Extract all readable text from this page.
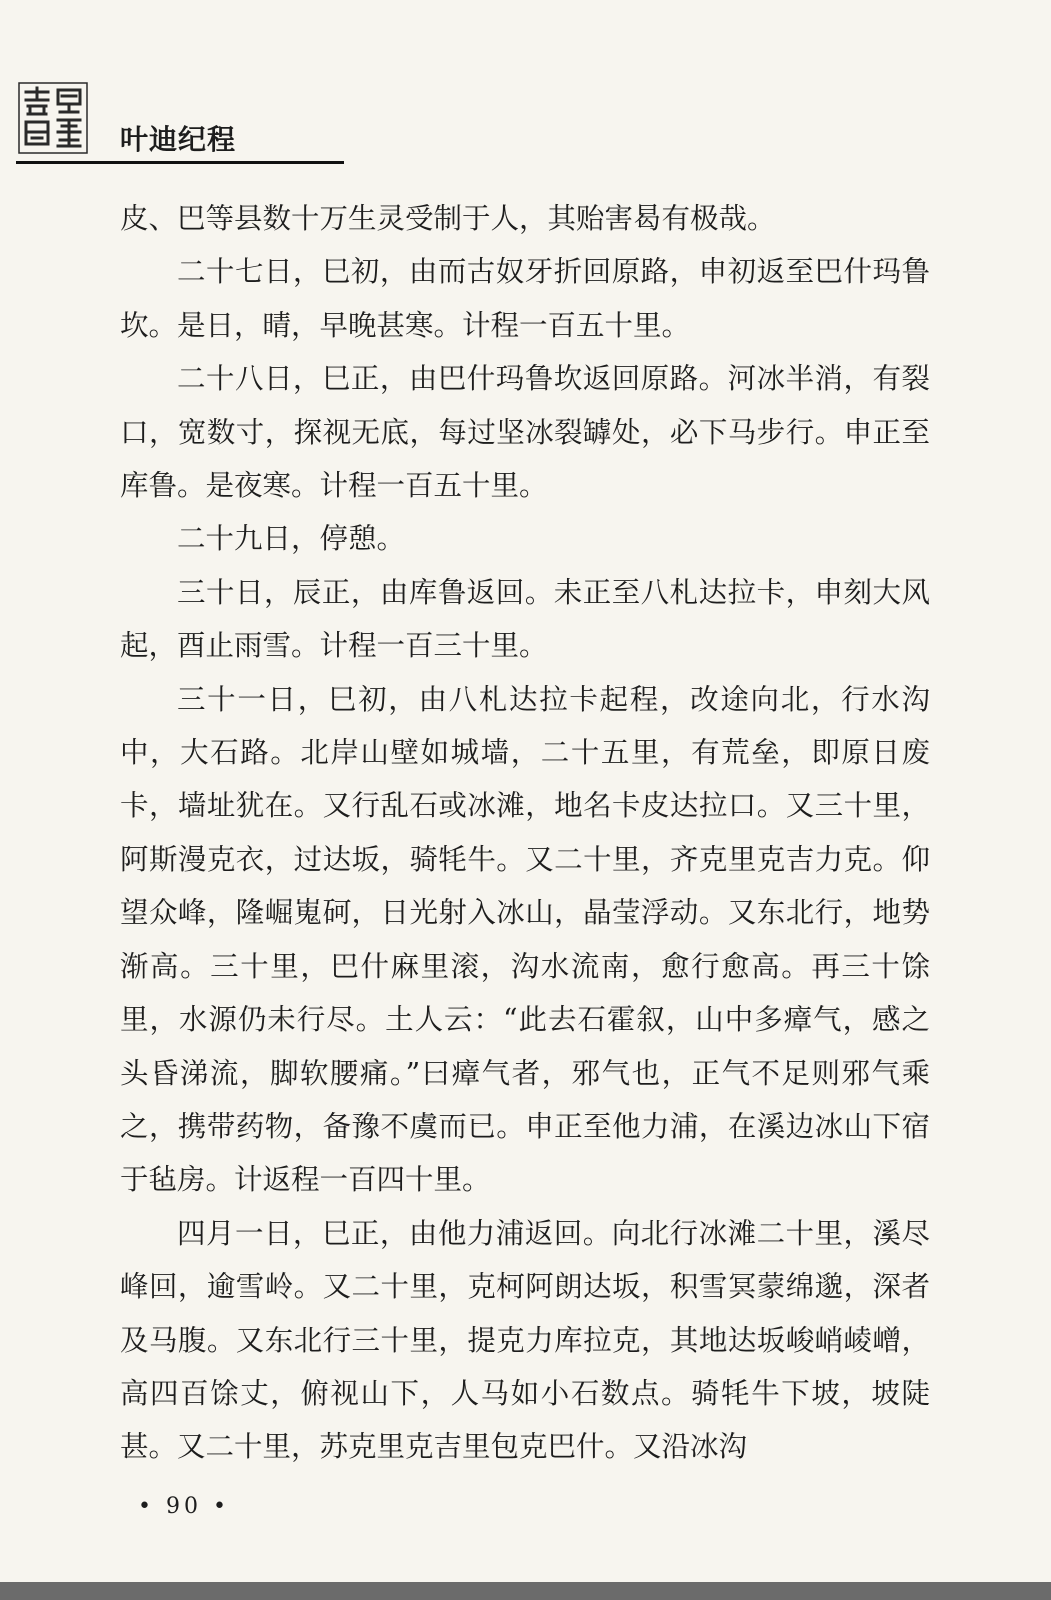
叶迪纪程

皮、巴等县数十万生灵受制于人，其贻害曷有极哉。

二十七日，巳初，由而古奴牙折回原路，申初返至巴什玛鲁坎。是日，晴，早晚甚寒。计程一百五十里。

二十八日，巳正，由巴什玛鲁坎返回原路。河冰半消，有裂口，宽数寸，探视无底，每过坚冰裂罅处，必下马步行。申正至库鲁。是夜寒。计程一百五十里。

二十九日，停憩。

三十日，辰正，由库鲁返回。未正至八札达拉卡，申刻大风起，酉止雨雪。计程一百三十里。

三十一日，巳初，由八札达拉卡起程，改途向北，行水沟中，大石路。北岸山壁如城墙，二十五里，有荒垒，即原日废卡，墙址犹在。又行乱石或冰滩，地名卡皮达拉口。又三十里，阿斯漫克衣，过达坂，骑牦牛。又二十里，齐克里克吉力克。仰望众峰，隆崛嵬砢，日光射入冰山，晶莹浮动。又东北行，地势渐高。三十里，巴什麻里滚，沟水流南，愈行愈高。再三十馀里，水源仍未行尽。土人云：“此去石霍叙，山中多瘴气，感之头昏涕流，脚软腰痛。”曰瘴气者，邪气也，正气不足则邪气乘之，携带药物，备豫不虞而已。申正至他力浦，在溪边冰山下宿于毡房。计返程一百四十里。

四月一日，巳正，由他力浦返回。向北行冰滩二十里，溪尽峰回，逾雪岭。又二十里，克柯阿朗达坂，积雪冥蒙绵邈，深者及马腹。又东北行三十里，提克力库拉克，其地达坂峻峭崚嶒，高四百馀丈，俯视山下，人马如小石数点。骑牦牛下坡，坡陡甚。又二十里，苏克里克吉里包克巴什。又沿冰沟

• 90 •
